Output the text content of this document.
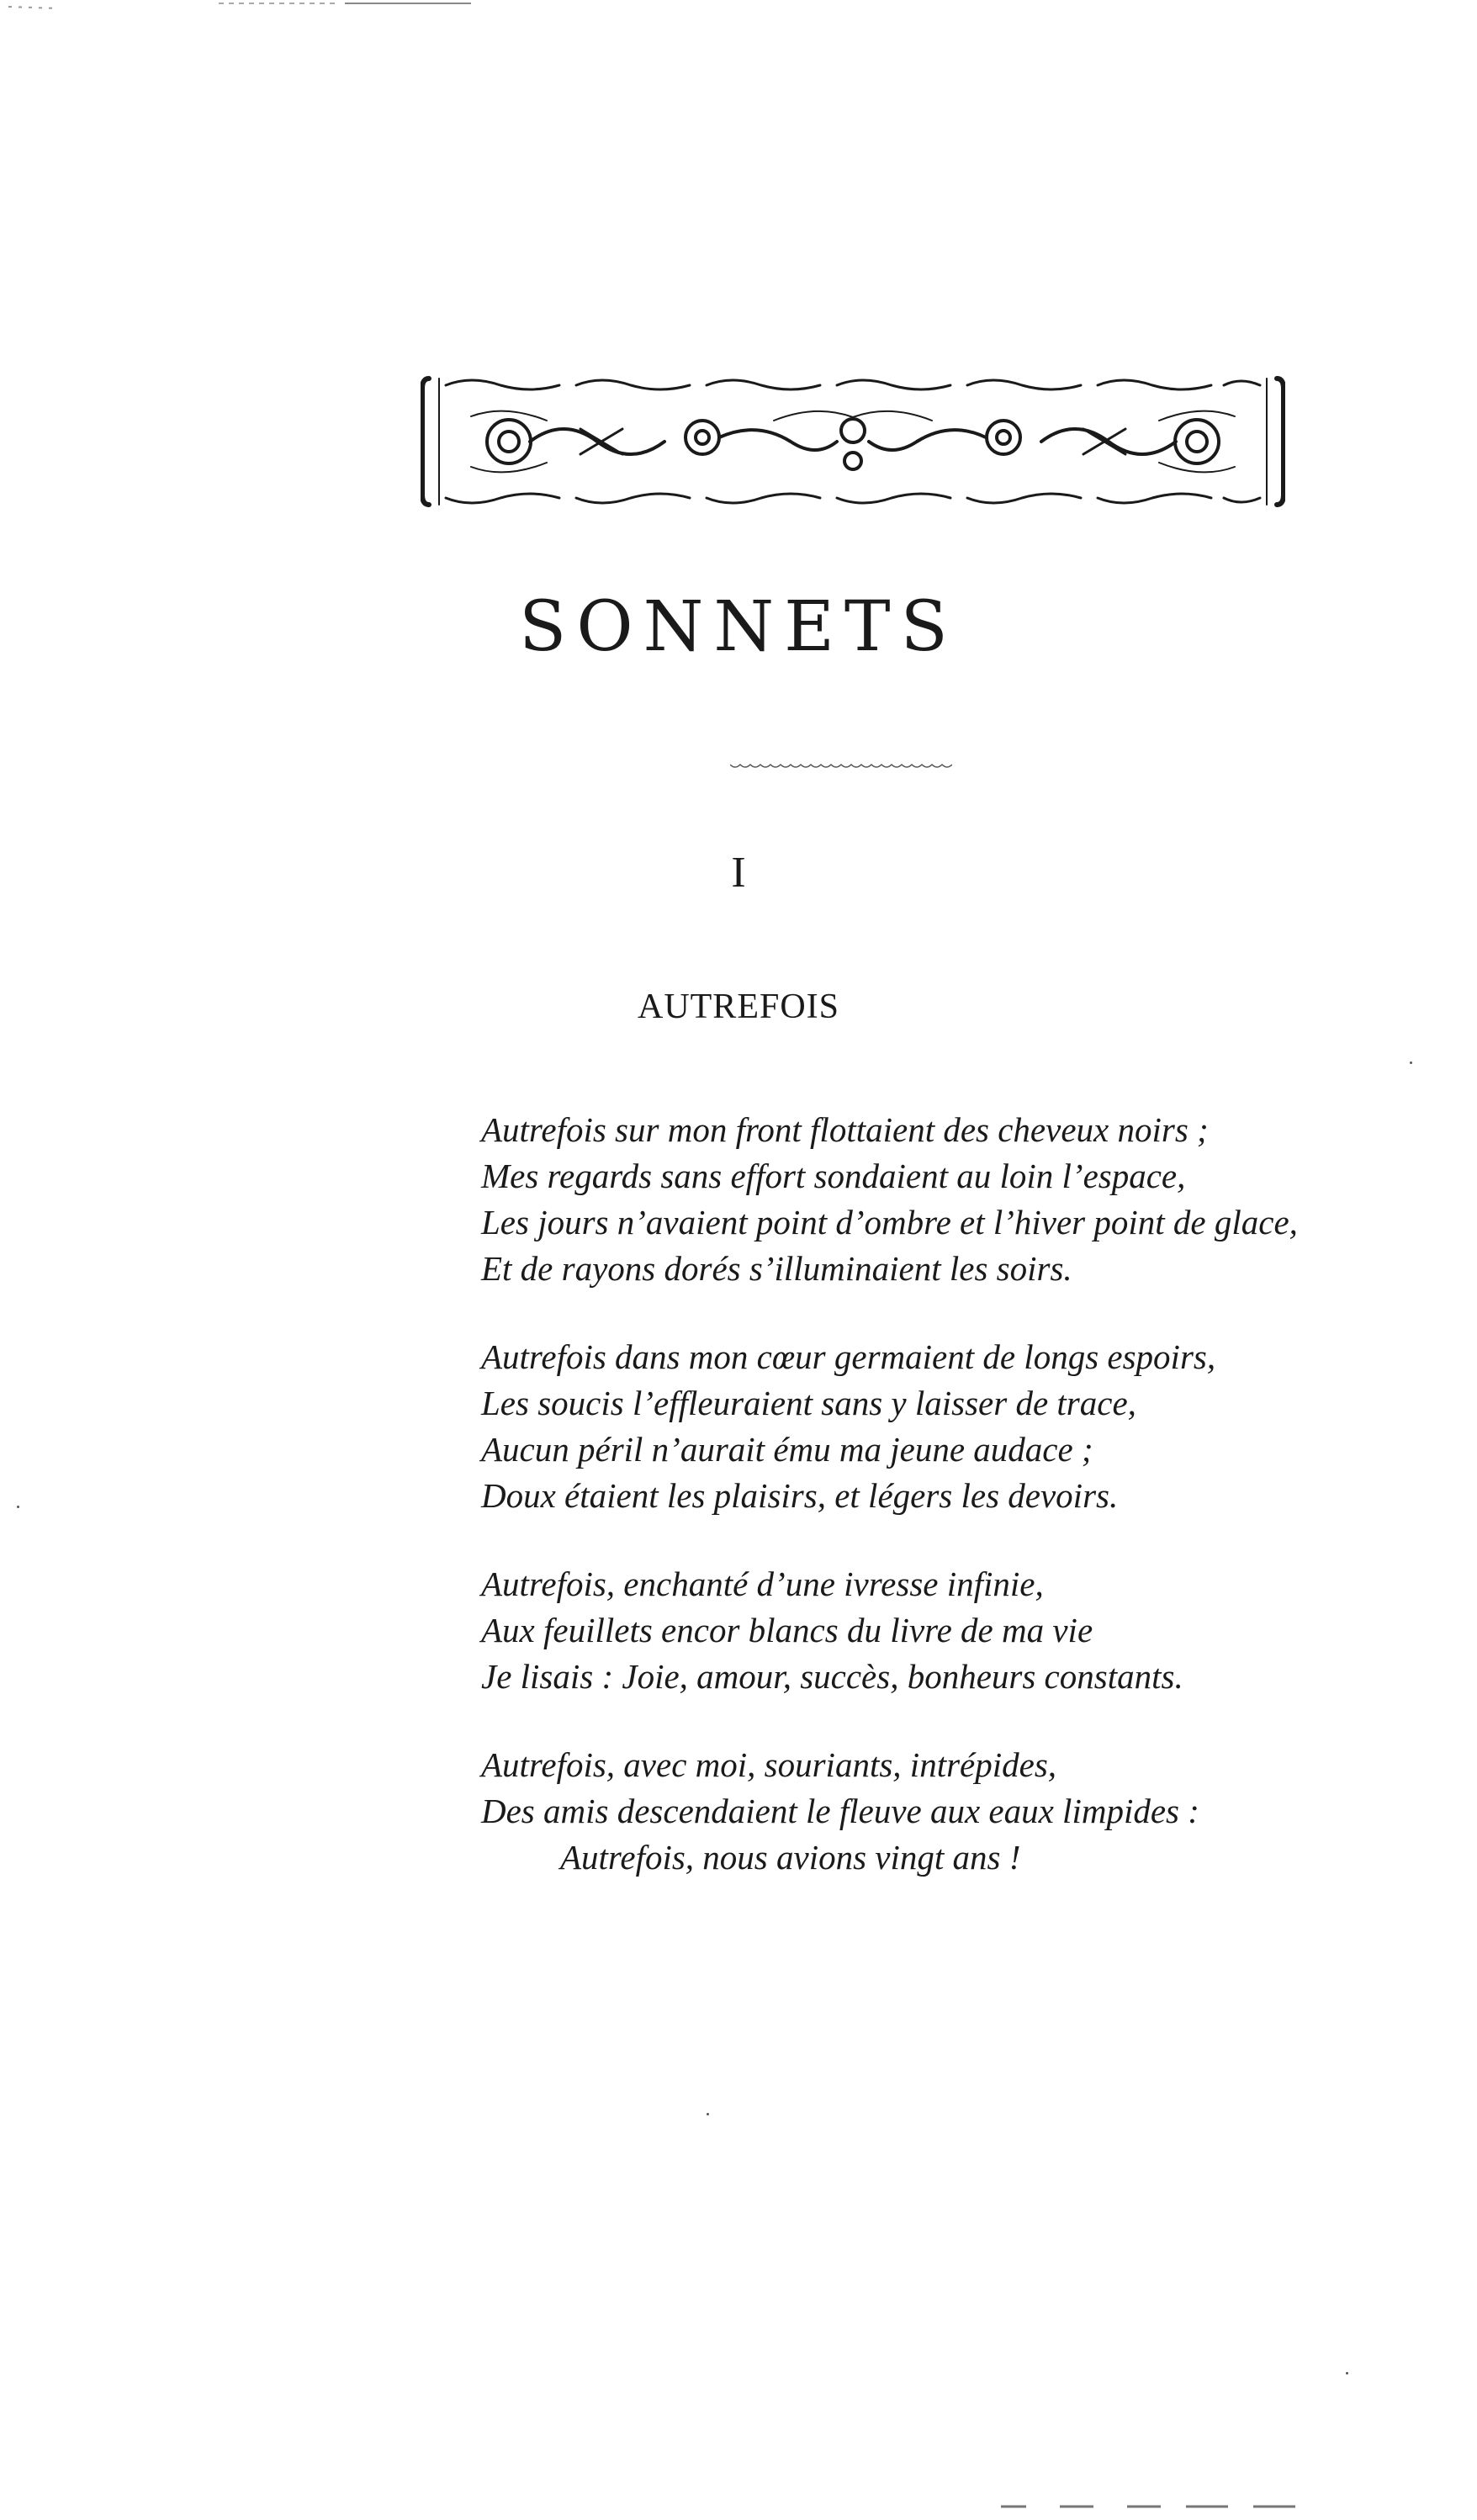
SONNETS
I
AUTREFOIS
Autrefois sur mon front flottaient des cheveux noirs ;
Mes regards sans effort sondaient au loin l’espace,
Les jours n’avaient point d’ombre et l’hiver point de glace,
Et de rayons dorés s’illuminaient les soirs.
Autrefois dans mon cœur germaient de longs espoirs,
Les soucis l’effleuraient sans y laisser de trace,
Aucun péril n’aurait ému ma jeune audace ;
Doux étaient les plaisirs, et légers les devoirs.
Autrefois, enchanté d’une ivresse infinie,
Aux feuillets encor blancs du livre de ma vie
Je lisais : Joie, amour, succès, bonheurs constants.
Autrefois, avec moi, souriants, intrépides,
Des amis descendaient le fleuve aux eaux limpides :
Autrefois, nous avions vingt ans !
